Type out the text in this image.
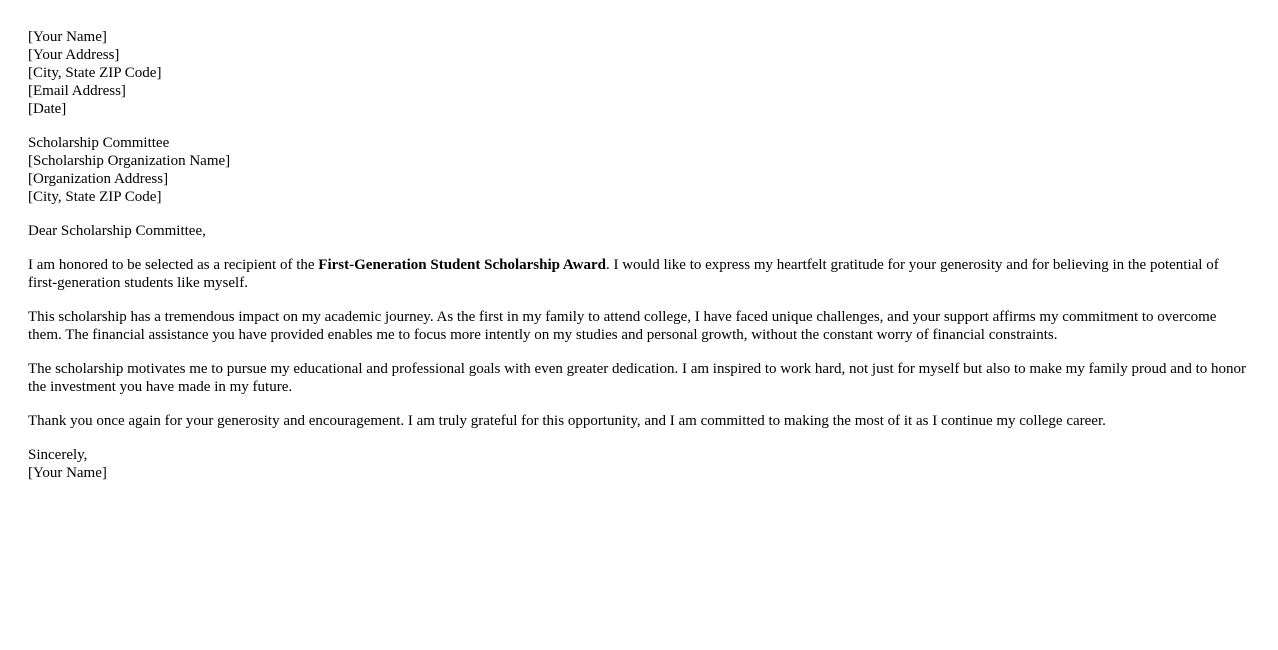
[Your Name]
[Your Address]
[City, State ZIP Code]
[Email Address]
[Date]
Scholarship Committee
[Scholarship Organization Name]
[Organization Address]
[City, State ZIP Code]

Dear Scholarship Committee,

I am honored to be selected as a recipient of the First-Generation Student Scholarship Award. I would like to express my heartfelt gratitude for your generosity and for believing in the potential of first-generation students like myself.

This scholarship has a tremendous impact on my academic journey. As the first in my family to attend college, I have faced unique challenges, and your support affirms my commitment to overcome them. The financial assistance you have provided enables me to focus more intently on my studies and personal growth, without the constant worry of financial constraints.

The scholarship motivates me to pursue my educational and professional goals with even greater dedication. I am inspired to work hard, not just for myself but also to make my family proud and to honor the investment you have made in my future.

Thank you once again for your generosity and encouragement. I am truly grateful for this opportunity, and I am committed to making the most of it as I continue my college career.

Sincerely,
[Your Name]
